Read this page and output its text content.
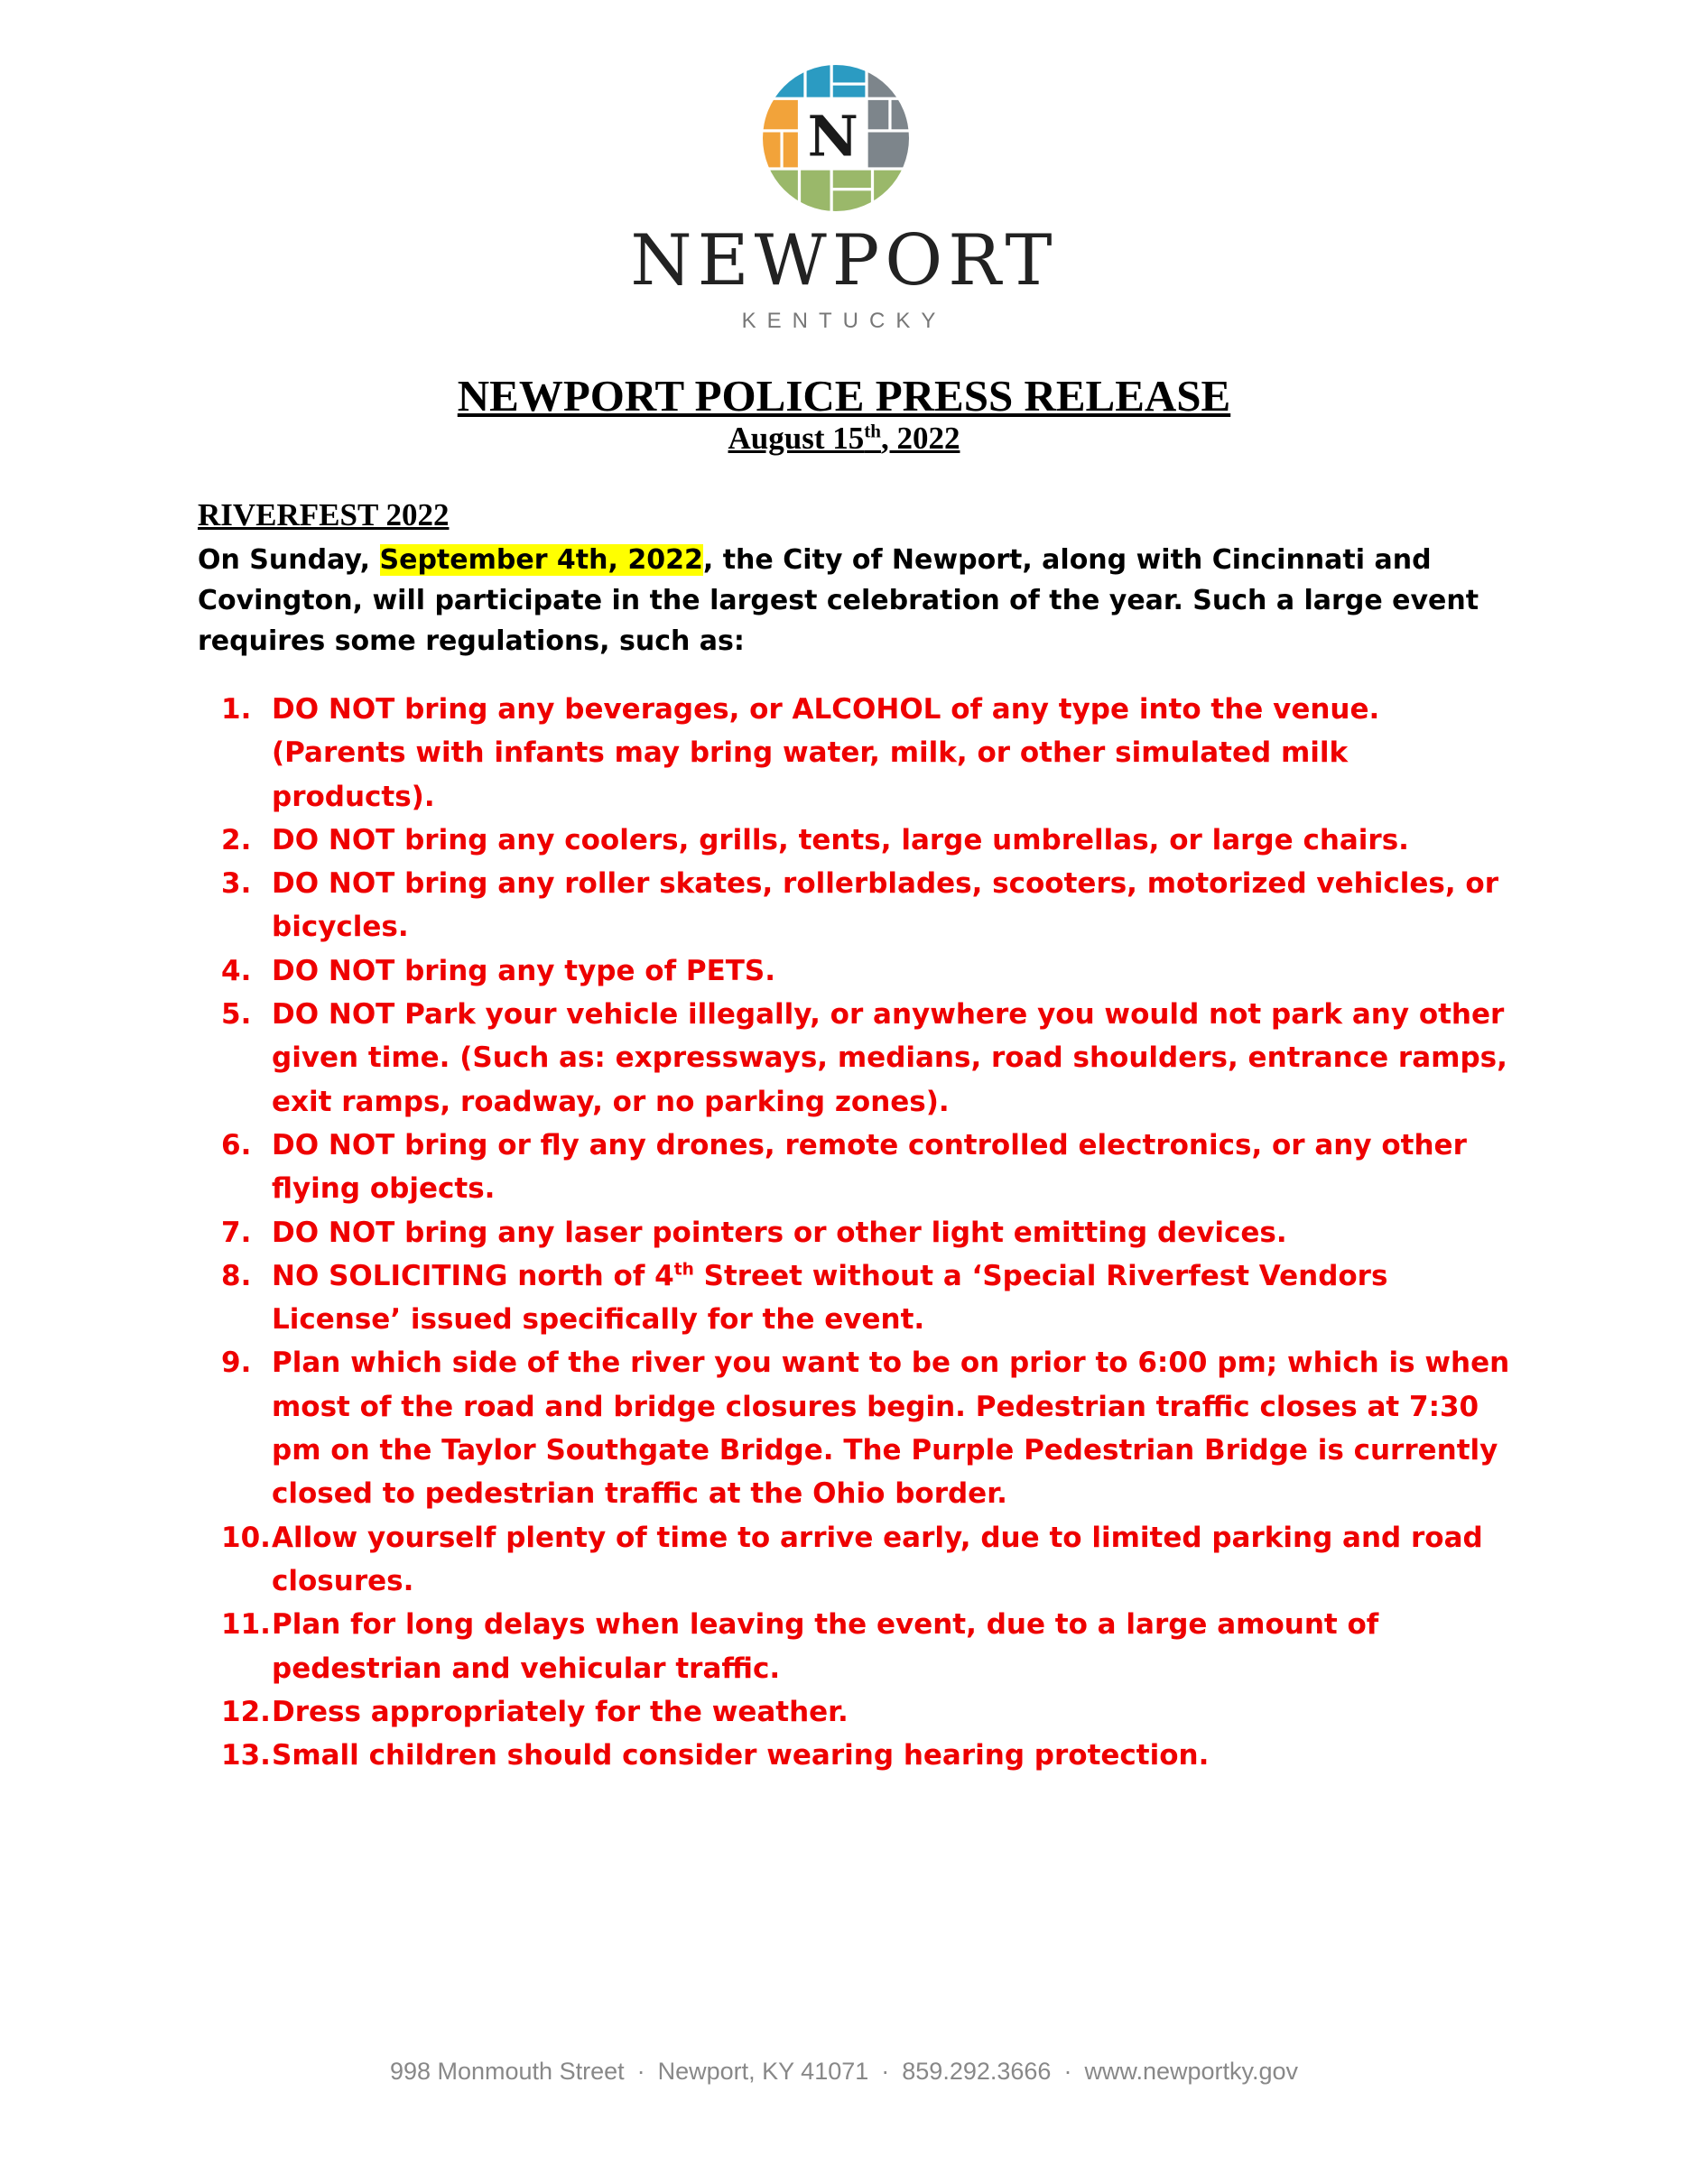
N
NEWPORT
KENTUCKY
NEWPORT POLICE PRESS RELEASE
August 15th, 2022
RIVERFEST 2022
On Sunday, September 4th, 2022, the City of Newport, along with Cincinnati and Covington, will participate in the largest celebration of the year. Such a large event requires some regulations, such as:
1. DO NOT bring any beverages, or ALCOHOL of any type into the venue. (Parents with infants may bring water, milk, or other simulated milk products).
2. DO NOT bring any coolers, grills, tents, large umbrellas, or large chairs.
3. DO NOT bring any roller skates, rollerblades, scooters, motorized vehicles, or bicycles.
4. DO NOT bring any type of PETS.
5. DO NOT Park your vehicle illegally, or anywhere you would not park any other given time. (Such as: expressways, medians, road shoulders, entrance ramps, exit ramps, roadway, or no parking zones).
6. DO NOT bring or fly any drones, remote controlled electronics, or any other flying objects.
7. DO NOT bring any laser pointers or other light emitting devices.
8. NO SOLICITING north of 4th Street without a ‘Special Riverfest Vendors License’ issued specifically for the event.
9. Plan which side of the river you want to be on prior to 6:00 pm; which is when most of the road and bridge closures begin. Pedestrian traffic closes at 7:30 pm on the Taylor Southgate Bridge. The Purple Pedestrian Bridge is currently closed to pedestrian traffic at the Ohio border.
10. Allow yourself plenty of time to arrive early, due to limited parking and road closures.
11. Plan for long delays when leaving the event, due to a large amount of pedestrian and vehicular traffic.
12. Dress appropriately for the weather.
13. Small children should consider wearing hearing protection.
998 Monmouth Street · Newport, KY 41071 · 859.292.3666 · www.newportky.gov
